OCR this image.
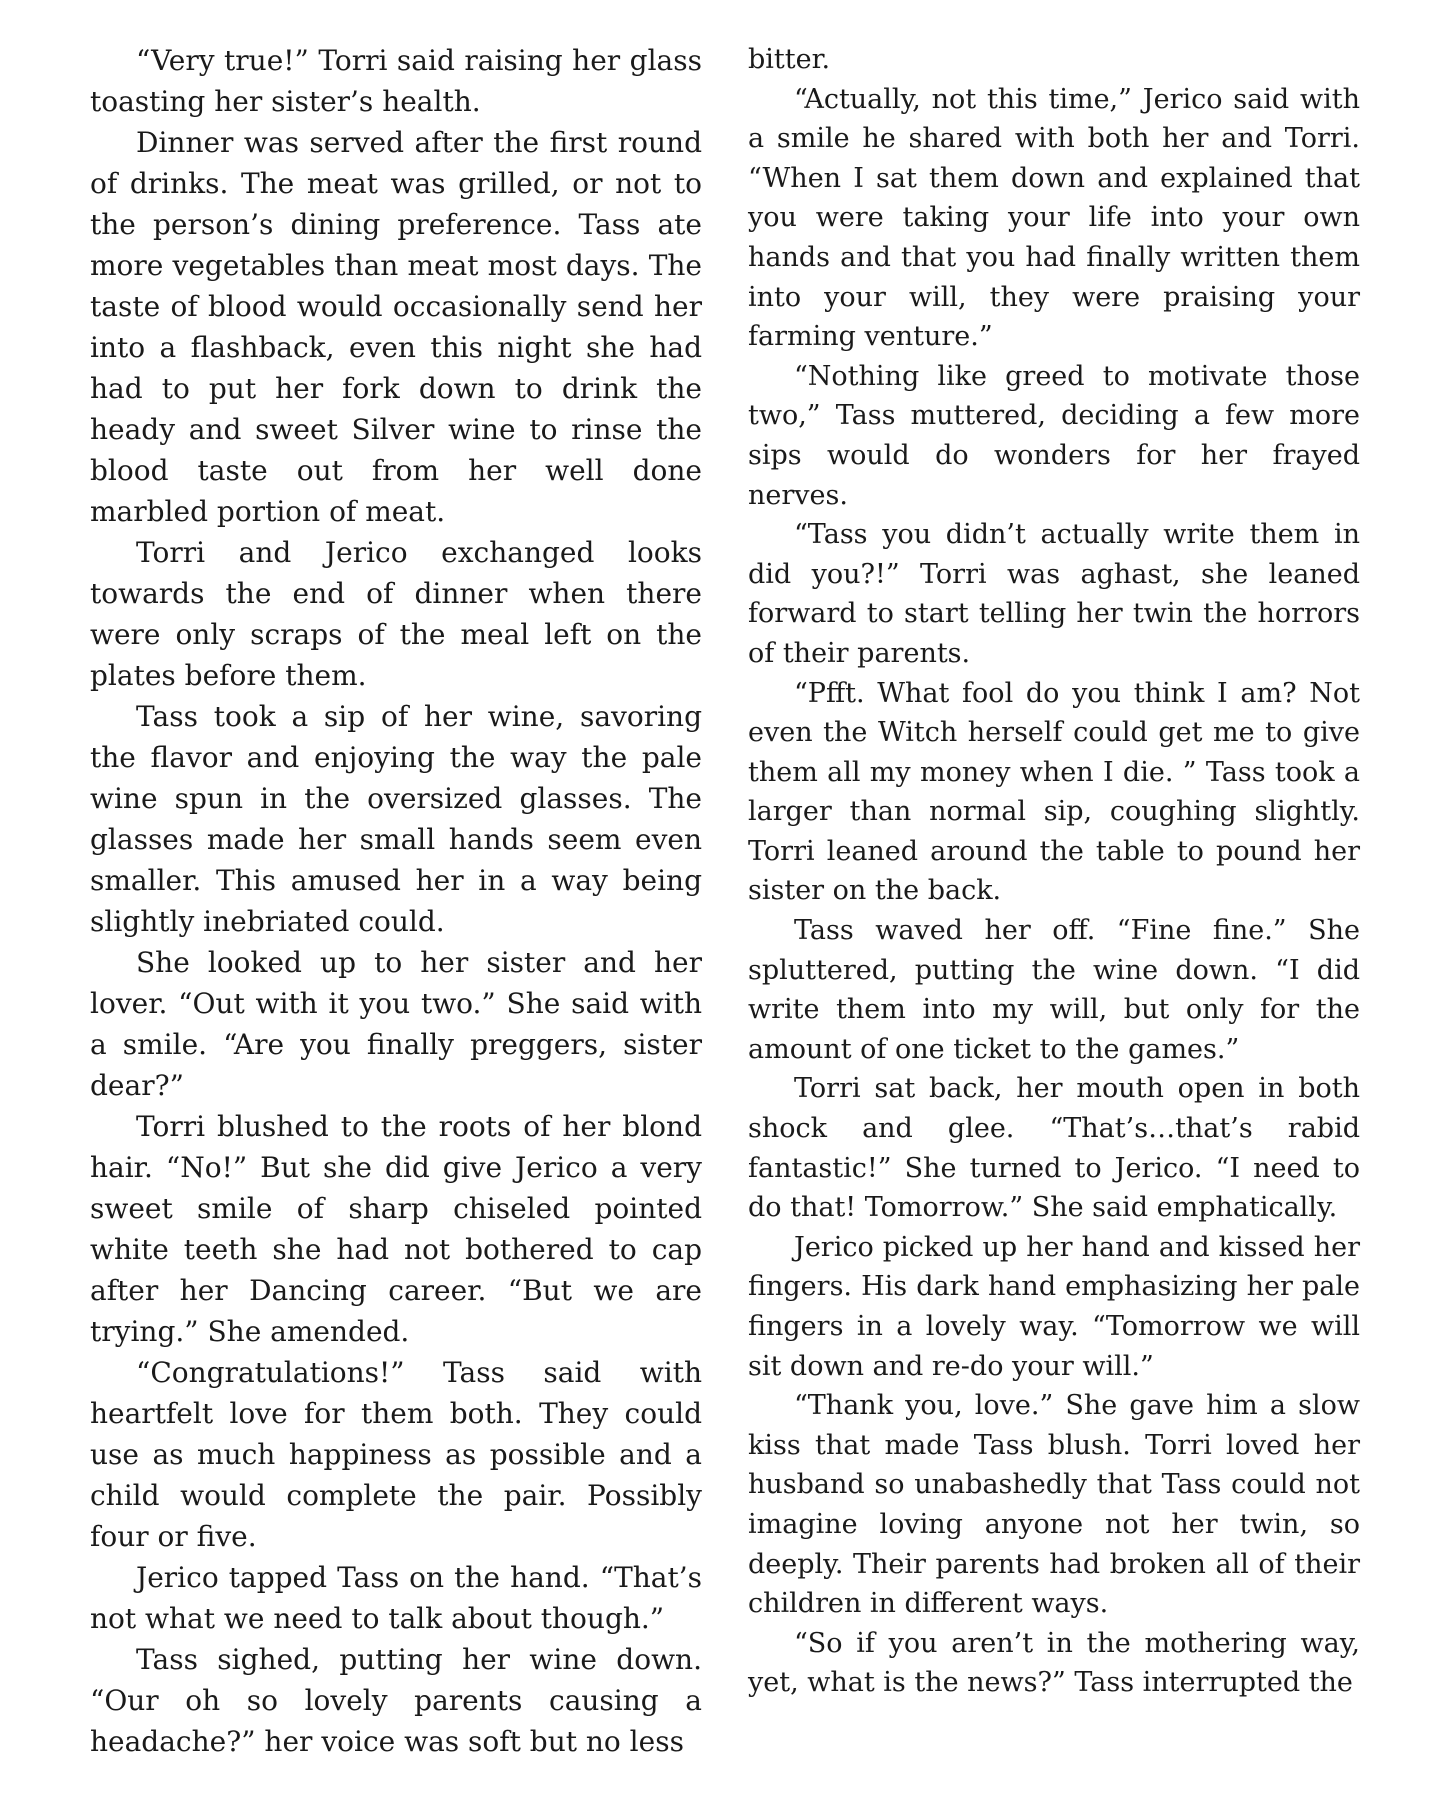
“Very true!” Torri said raising her glass toasting her sister’s health.

Dinner was served after the first round of drinks. The meat was grilled, or not to the person’s dining preference. Tass ate more vegetables than meat most days. The taste of blood would occasionally send her into a flashback, even this night she had had to put her fork down to drink the heady and sweet Silver wine to rinse the blood taste out from her well done marbled portion of meat.

Torri and Jerico exchanged looks towards the end of dinner when there were only scraps of the meal left on the plates before them.

Tass took a sip of her wine, savoring the flavor and enjoying the way the pale wine spun in the oversized glasses. The glasses made her small hands seem even smaller. This amused her in a way being slightly inebriated could.

She looked up to her sister and her lover. “Out with it you two.” She said with a smile. “Are you finally preggers, sister dear?”

Torri blushed to the roots of her blond hair. “No!” But she did give Jerico a very sweet smile of sharp chiseled pointed white teeth she had not bothered to cap after her Dancing career. “But we are trying.” She amended.

“Congratulations!” Tass said with heartfelt love for them both. They could use as much happiness as possible and a child would complete the pair. Possibly four or five.

Jerico tapped Tass on the hand. “That’s not what we need to talk about though.”

Tass sighed, putting her wine down. “Our oh so lovely parents causing a headache?” her voice was soft but no less

bitter.

“Actually, not this time,” Jerico said with a smile he shared with both her and Torri. “When I sat them down and explained that you were taking your life into your own hands and that you had finally written them into your will, they were praising your farming venture.”

“Nothing like greed to motivate those two,” Tass muttered, deciding a few more sips would do wonders for her frayed nerves.

“Tass you didn’t actually write them in did you?!” Torri was aghast, she leaned forward to start telling her twin the horrors of their parents.

“Pfft. What fool do you think I am? Not even the Witch herself could get me to give them all my money when I die. ” Tass took a larger than normal sip, coughing slightly. Torri leaned around the table to pound her sister on the back.

Tass waved her off. “Fine fine.” She spluttered, putting the wine down. “I did write them into my will, but only for the amount of one ticket to the games.”

Torri sat back, her mouth open in both shock and glee. “That’s…that’s rabid fantastic!” She turned to Jerico. “I need to do that! Tomorrow.” She said emphatically.

Jerico picked up her hand and kissed her fingers. His dark hand emphasizing her pale fingers in a lovely way. “Tomorrow we will sit down and re-do your will.”

“Thank you, love.” She gave him a slow kiss that made Tass blush. Torri loved her husband so unabashedly that Tass could not imagine loving anyone not her twin, so deeply. Their parents had broken all of their children in different ways.

“So if you aren’t in the mothering way, yet, what is the news?” Tass interrupted the
